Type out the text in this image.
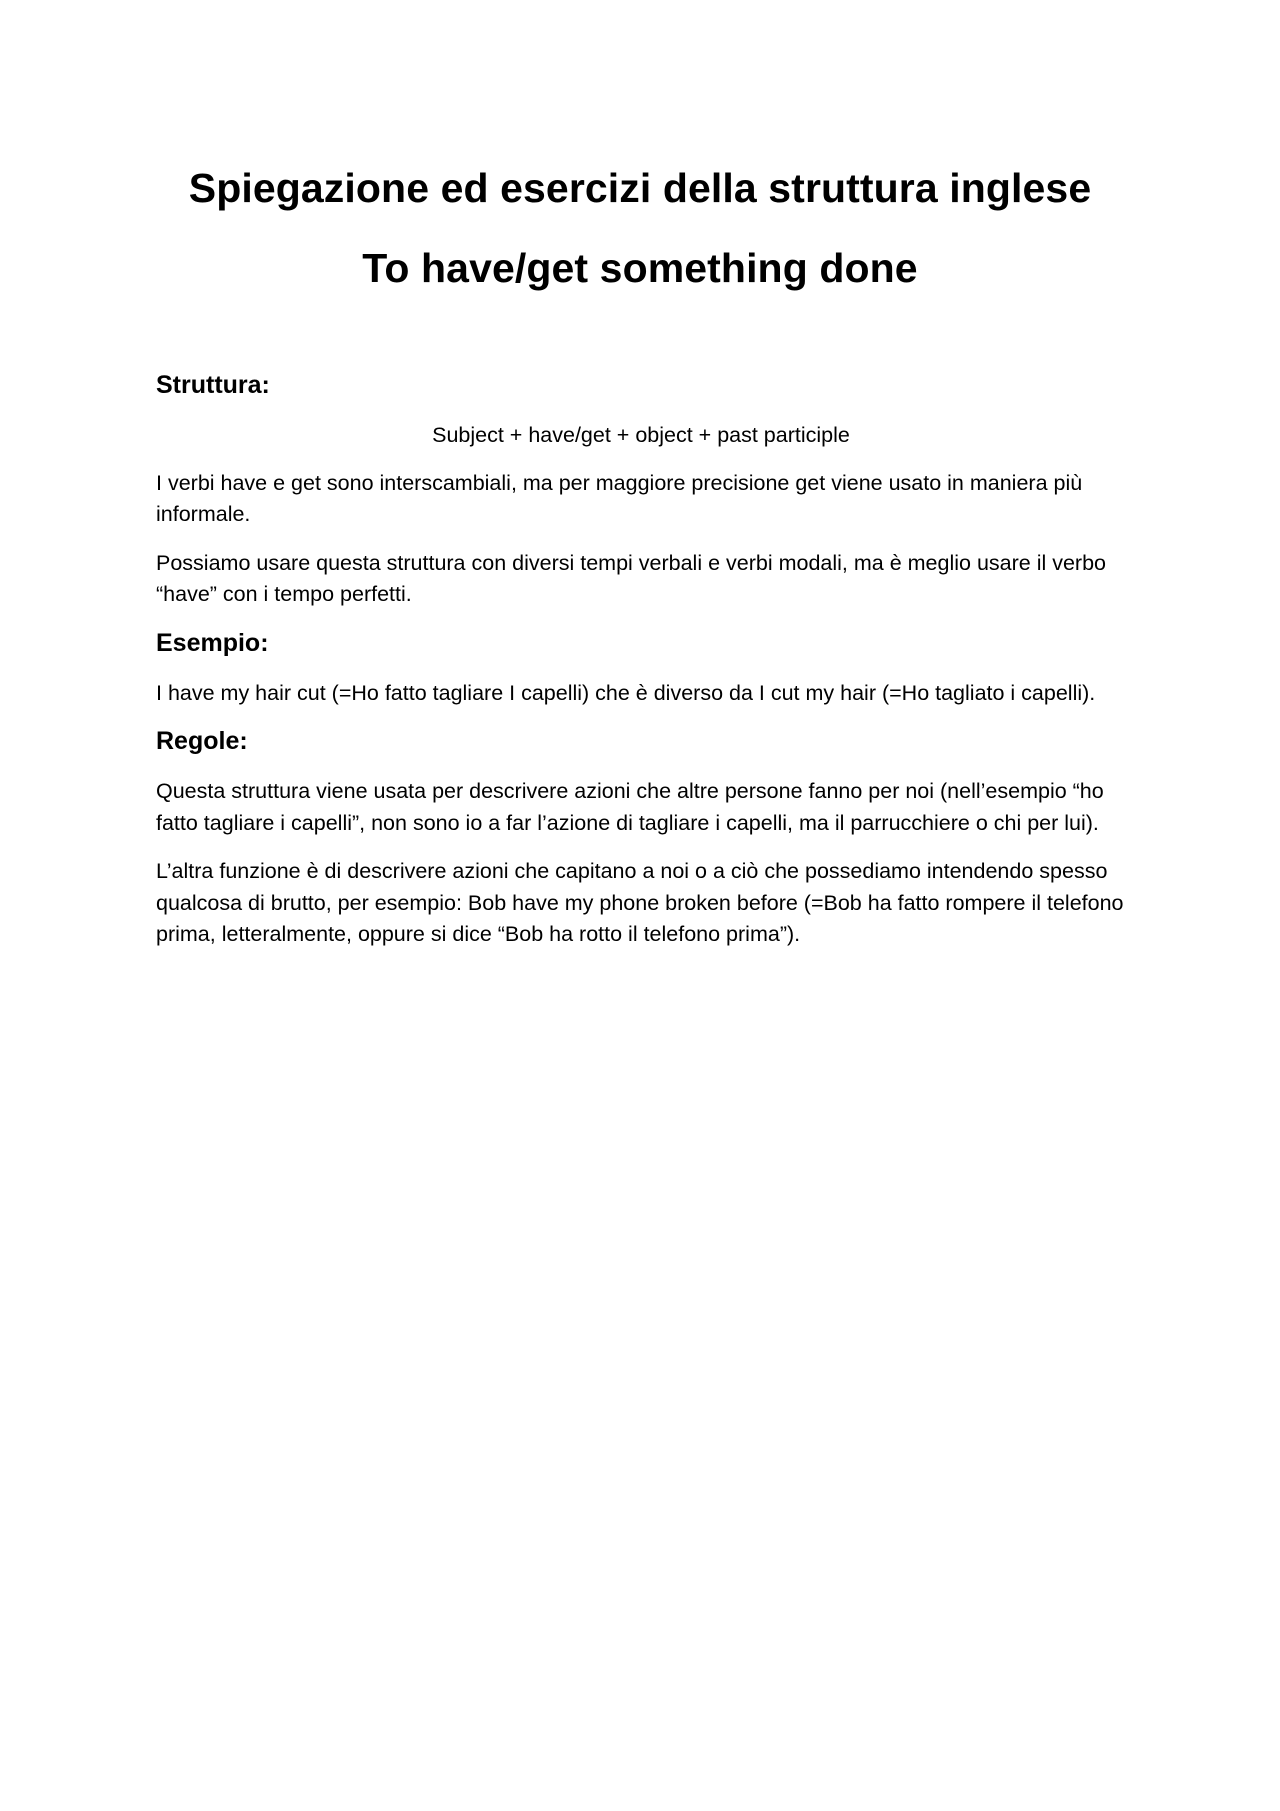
Spiegazione ed esercizi della struttura inglese
To have/get something done
Struttura:

Subject + have/get + object + past participle

I verbi have e get sono interscambiali, ma per maggiore precisione get viene usato in maniera più informale.

Possiamo usare questa struttura con diversi tempi verbali e verbi modali, ma è meglio usare il verbo “have” con i tempo perfetti.

Esempio:

I have my hair cut (=Ho fatto tagliare I capelli) che è diverso da I cut my hair (=Ho tagliato i capelli).

Regole:

Questa struttura viene usata per descrivere azioni che altre persone fanno per noi (nell’esempio “ho fatto tagliare i capelli”, non sono io a far l’azione di tagliare i capelli, ma il parrucchiere o chi per lui).

L’altra funzione è di descrivere azioni che capitano a noi o a ciò che possediamo intendendo spesso qualcosa di brutto, per esempio: Bob have my phone broken before (=Bob ha fatto rompere il telefono prima, letteralmente, oppure si dice “Bob ha rotto il telefono prima”).
